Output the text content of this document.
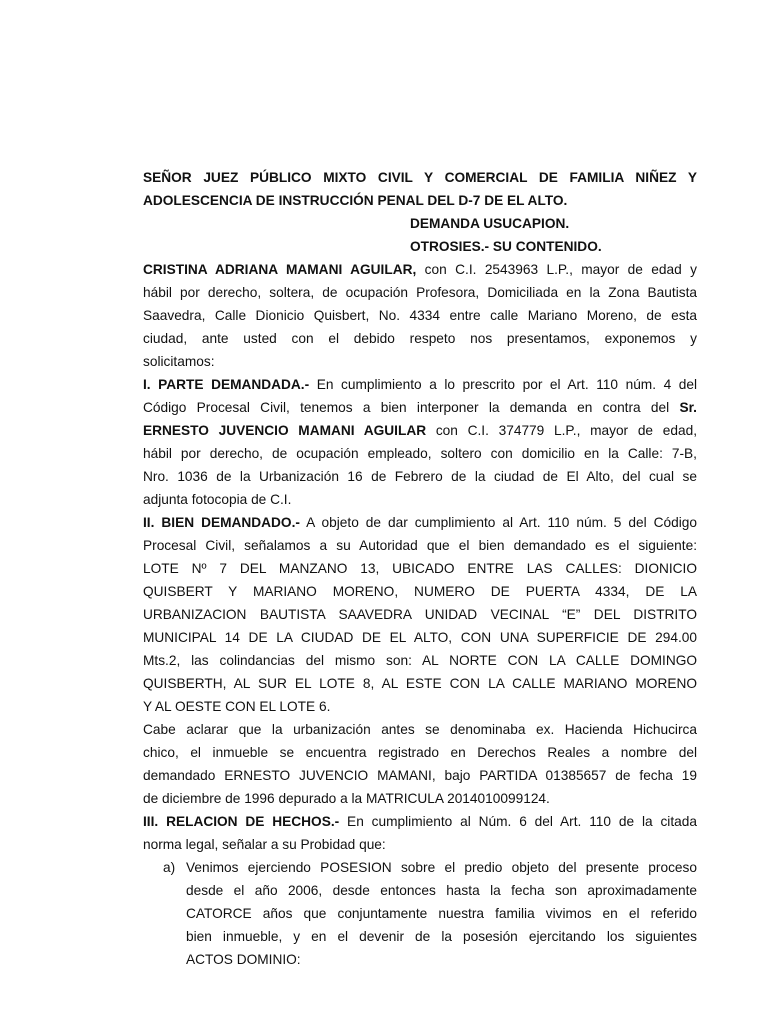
SEÑOR JUEZ PÚBLICO MIXTO CIVIL Y COMERCIAL DE FAMILIA NIÑEZ Y
ADOLESCENCIA DE INSTRUCCIÓN PENAL DEL D-7 DE EL ALTO.
DEMANDA USUCAPION.
OTROSIES.- SU CONTENIDO.
CRISTINA ADRIANA MAMANI AGUILAR, con C.I. 2543963 L.P., mayor de edad y
hábil por derecho, soltera, de ocupación Profesora, Domiciliada en la Zona Bautista
Saavedra, Calle Dionicio Quisbert, No. 4334 entre calle Mariano Moreno, de esta
ciudad, ante usted con el debido respeto nos presentamos, exponemos y
solicitamos:
I. PARTE DEMANDADA.- En cumplimiento a lo prescrito por el Art. 110 núm. 4 del
Código Procesal Civil, tenemos a bien interponer la demanda en contra del Sr.
ERNESTO JUVENCIO MAMANI AGUILAR con C.I. 374779 L.P., mayor de edad,
hábil por derecho, de ocupación empleado, soltero con domicilio en la Calle: 7-B,
Nro. 1036 de la Urbanización 16 de Febrero de la ciudad de El Alto, del cual se
adjunta fotocopia de C.I.
II. BIEN DEMANDADO.- A objeto de dar cumplimiento al Art. 110 núm. 5 del Código
Procesal Civil, señalamos a su Autoridad que el bien demandado es el siguiente:
LOTE Nº 7 DEL MANZANO 13, UBICADO ENTRE LAS CALLES: DIONICIO
QUISBERT Y MARIANO MORENO, NUMERO DE PUERTA 4334, DE LA
URBANIZACION BAUTISTA SAAVEDRA UNIDAD VECINAL “E” DEL DISTRITO
MUNICIPAL 14 DE LA CIUDAD DE EL ALTO, CON UNA SUPERFICIE DE 294.00
Mts.2, las colindancias del mismo son: AL NORTE CON LA CALLE DOMINGO
QUISBERTH, AL SUR EL LOTE 8, AL ESTE CON LA CALLE MARIANO MORENO
Y AL OESTE CON EL LOTE 6.
Cabe aclarar que la urbanización antes se denominaba ex. Hacienda Hichucirca
chico, el inmueble se encuentra registrado en Derechos Reales a nombre del
demandado ERNESTO JUVENCIO MAMANI, bajo PARTIDA 01385657 de fecha 19
de diciembre de 1996 depurado a la MATRICULA 2014010099124.
III. RELACION DE HECHOS.- En cumplimiento al Núm. 6 del Art. 110 de la citada
norma legal, señalar a su Probidad que:
a) Venimos ejerciendo POSESION sobre el predio objeto del presente proceso
desde el año 2006, desde entonces hasta la fecha son aproximadamente
CATORCE años que conjuntamente nuestra familia vivimos en el referido
bien inmueble, y en el devenir de la posesión ejercitando los siguientes
ACTOS DOMINIO:
